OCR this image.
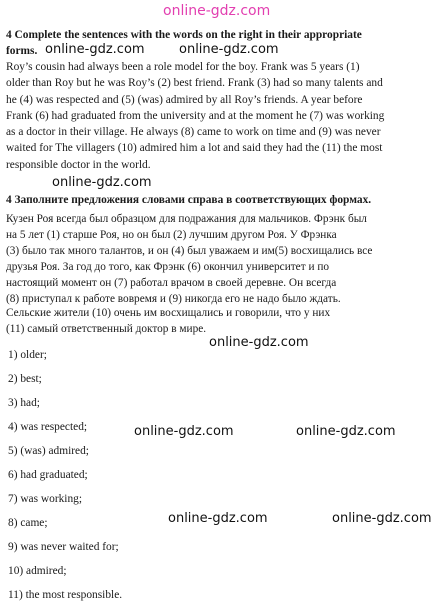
online-gdz.com
4 Complete the sentences with the words on the right in their appropriate
forms. online-gdz.com	online-gdz.com
Roy’s cousin had always been a role model for the boy. Frank was 5 years (1)
older than Roy but he was Roy’s (2) best friend. Frank (3) had so many talents and
he (4) was respected and (5) (was) admired by all Roy’s friends. A year before
Frank (6) had graduated from the university and at the moment he (7) was working
as a doctor in their village. He always (8) came to work on time and (9) was never
waited for The villagers (10) admired him a lot and said they had the (11) the most
responsible doctor in the world.
online-gdz.com
4 Заполните предложения словами справа в соответствующих формах.
Кузен Роя всегда был образцом для подражания для мальчиков. Фрэнк был
на 5 лет (1) старше Роя, но он был (2) лучшим другом Роя. У Фрэнка
(3) было так много талантов, и он (4) был уважаем и им(5) восхищались все
друзья Роя. За год до того, как Фрэнк (6) окончил университет и по
настоящий момент он (7) работал врачом в своей деревне. Он всегда
(8) приступал к работе вовремя и (9) никогда его не надо было ждать.
Сельские жители (10) очень им восхищались и говорили, что у них
(11) самый ответственный доктор в мире.
online-gdz.com
1) older;
2) best;
3) had;
4) was respected;	online-gdz.com	online-gdz.com
5) (was) admired;
6) had graduated;
7) was working;
8) came;	online-gdz.com	online-gdz.com
9) was never waited for;
10) admired;
11) the most responsible.
